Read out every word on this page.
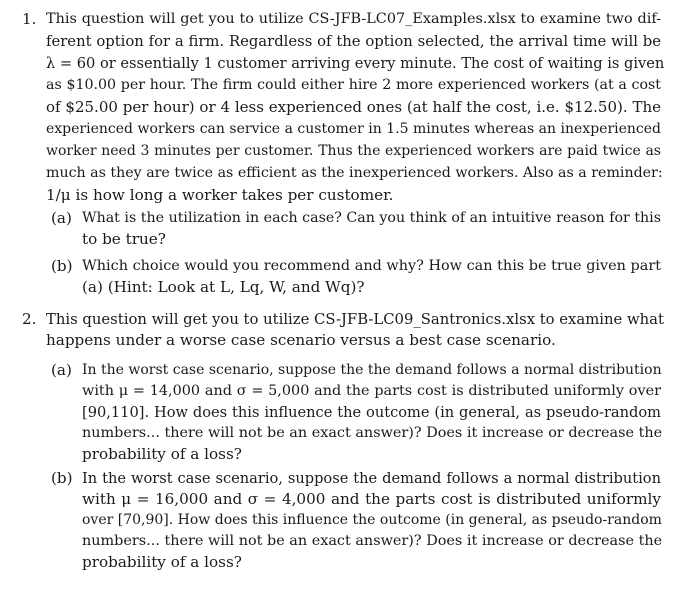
1. This question will get you to utilize CS-JFB-LC07_Examples.xlsx to examine two dif-
ferent option for a firm. Regardless of the option selected, the arrival time will be
λ = 60 or essentially 1 customer arriving every minute. The cost of waiting is given
as $10.00 per hour. The firm could either hire 2 more experienced workers (at a cost
of $25.00 per hour) or 4 less experienced ones (at half the cost, i.e. $12.50). The
experienced workers can service a customer in 1.5 minutes whereas an inexperienced
worker need 3 minutes per customer. Thus the experienced workers are paid twice as
much as they are twice as efficient as the inexperienced workers. Also as a reminder:
1/μ is how long a worker takes per customer.
(a) What is the utilization in each case? Can you think of an intuitive reason for this
to be true?
(b) Which choice would you recommend and why? How can this be true given part
(a) (Hint: Look at L, Lq, W, and Wq)?
2. This question will get you to utilize CS-JFB-LC09_Santronics.xlsx to examine what
happens under a worse case scenario versus a best case scenario.
(a) In the worst case scenario, suppose the the demand follows a normal distribution
with μ = 14,000 and σ = 5,000 and the parts cost is distributed uniformly over
[90,110]. How does this influence the outcome (in general, as pseudo-random
numbers... there will not be an exact answer)? Does it increase or decrease the
probability of a loss?
(b) In the worst case scenario, suppose the demand follows a normal distribution
with μ = 16,000 and σ = 4,000 and the parts cost is distributed uniformly
over [70,90]. How does this influence the outcome (in general, as pseudo-random
numbers... there will not be an exact answer)? Does it increase or decrease the
probability of a loss?
